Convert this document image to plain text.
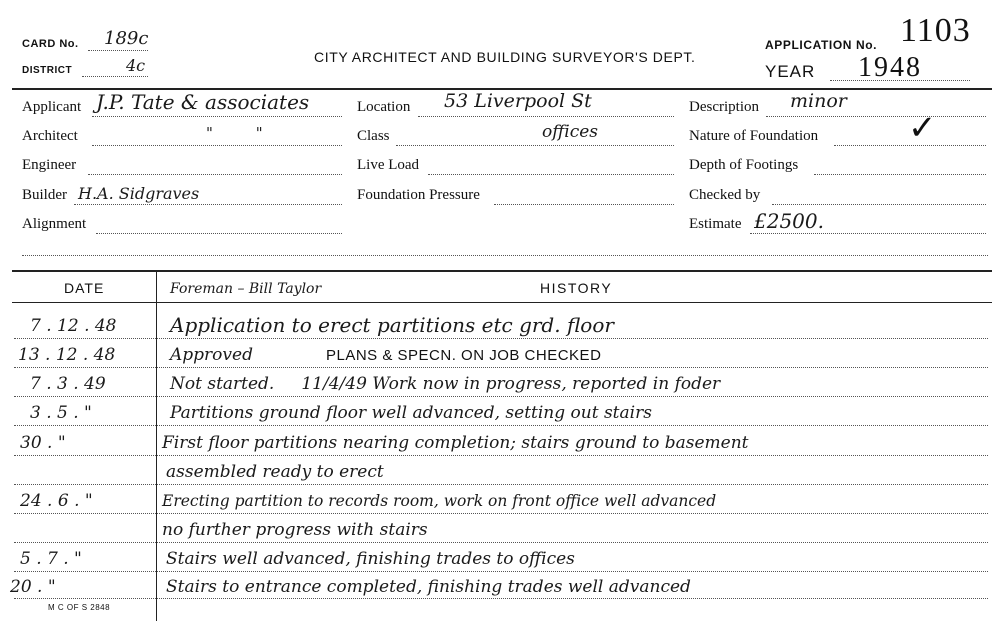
CARD No. 189c
DISTRICT	4c	CITY ARCHITECT AND BUILDING SURVEYOR'S DEPT.
APPLICATION No. 1103
YEAR 1948
Applicant J.P. Tate & associates
Architect	"         "
Engineer
Builder H.A. Sidgraves
Alignment
Location 53 Liverpool St
Class	offices
Live Load
Foundation Pressure
Description minor
Nature of Foundation	✓
Depth of Footings
Checked by
Estimate £2500.
DATE	HISTORY
Foreman – Bill Taylor
7 . 12 . 48	Application to erect partitions etc grd. floor
13 . 12 . 48	Approved	PLANS & SPECN. ON JOB CHECKED
7 . 3 . 49	Not started.     11/4/49 Work now in progress, reported in foder
3 . 5 . "	Partitions ground floor well advanced, setting out stairs
30 . "	First floor partitions nearing completion; stairs ground to basement
assembled ready to erect
24 . 6 . "	Erecting partition to records room, work on front office well advanced
no further progress with stairs
5 . 7 . "	Stairs well advanced, finishing trades to offices
20 . "	Stairs to entrance completed, finishing trades well advanced
M C OF S 2848
